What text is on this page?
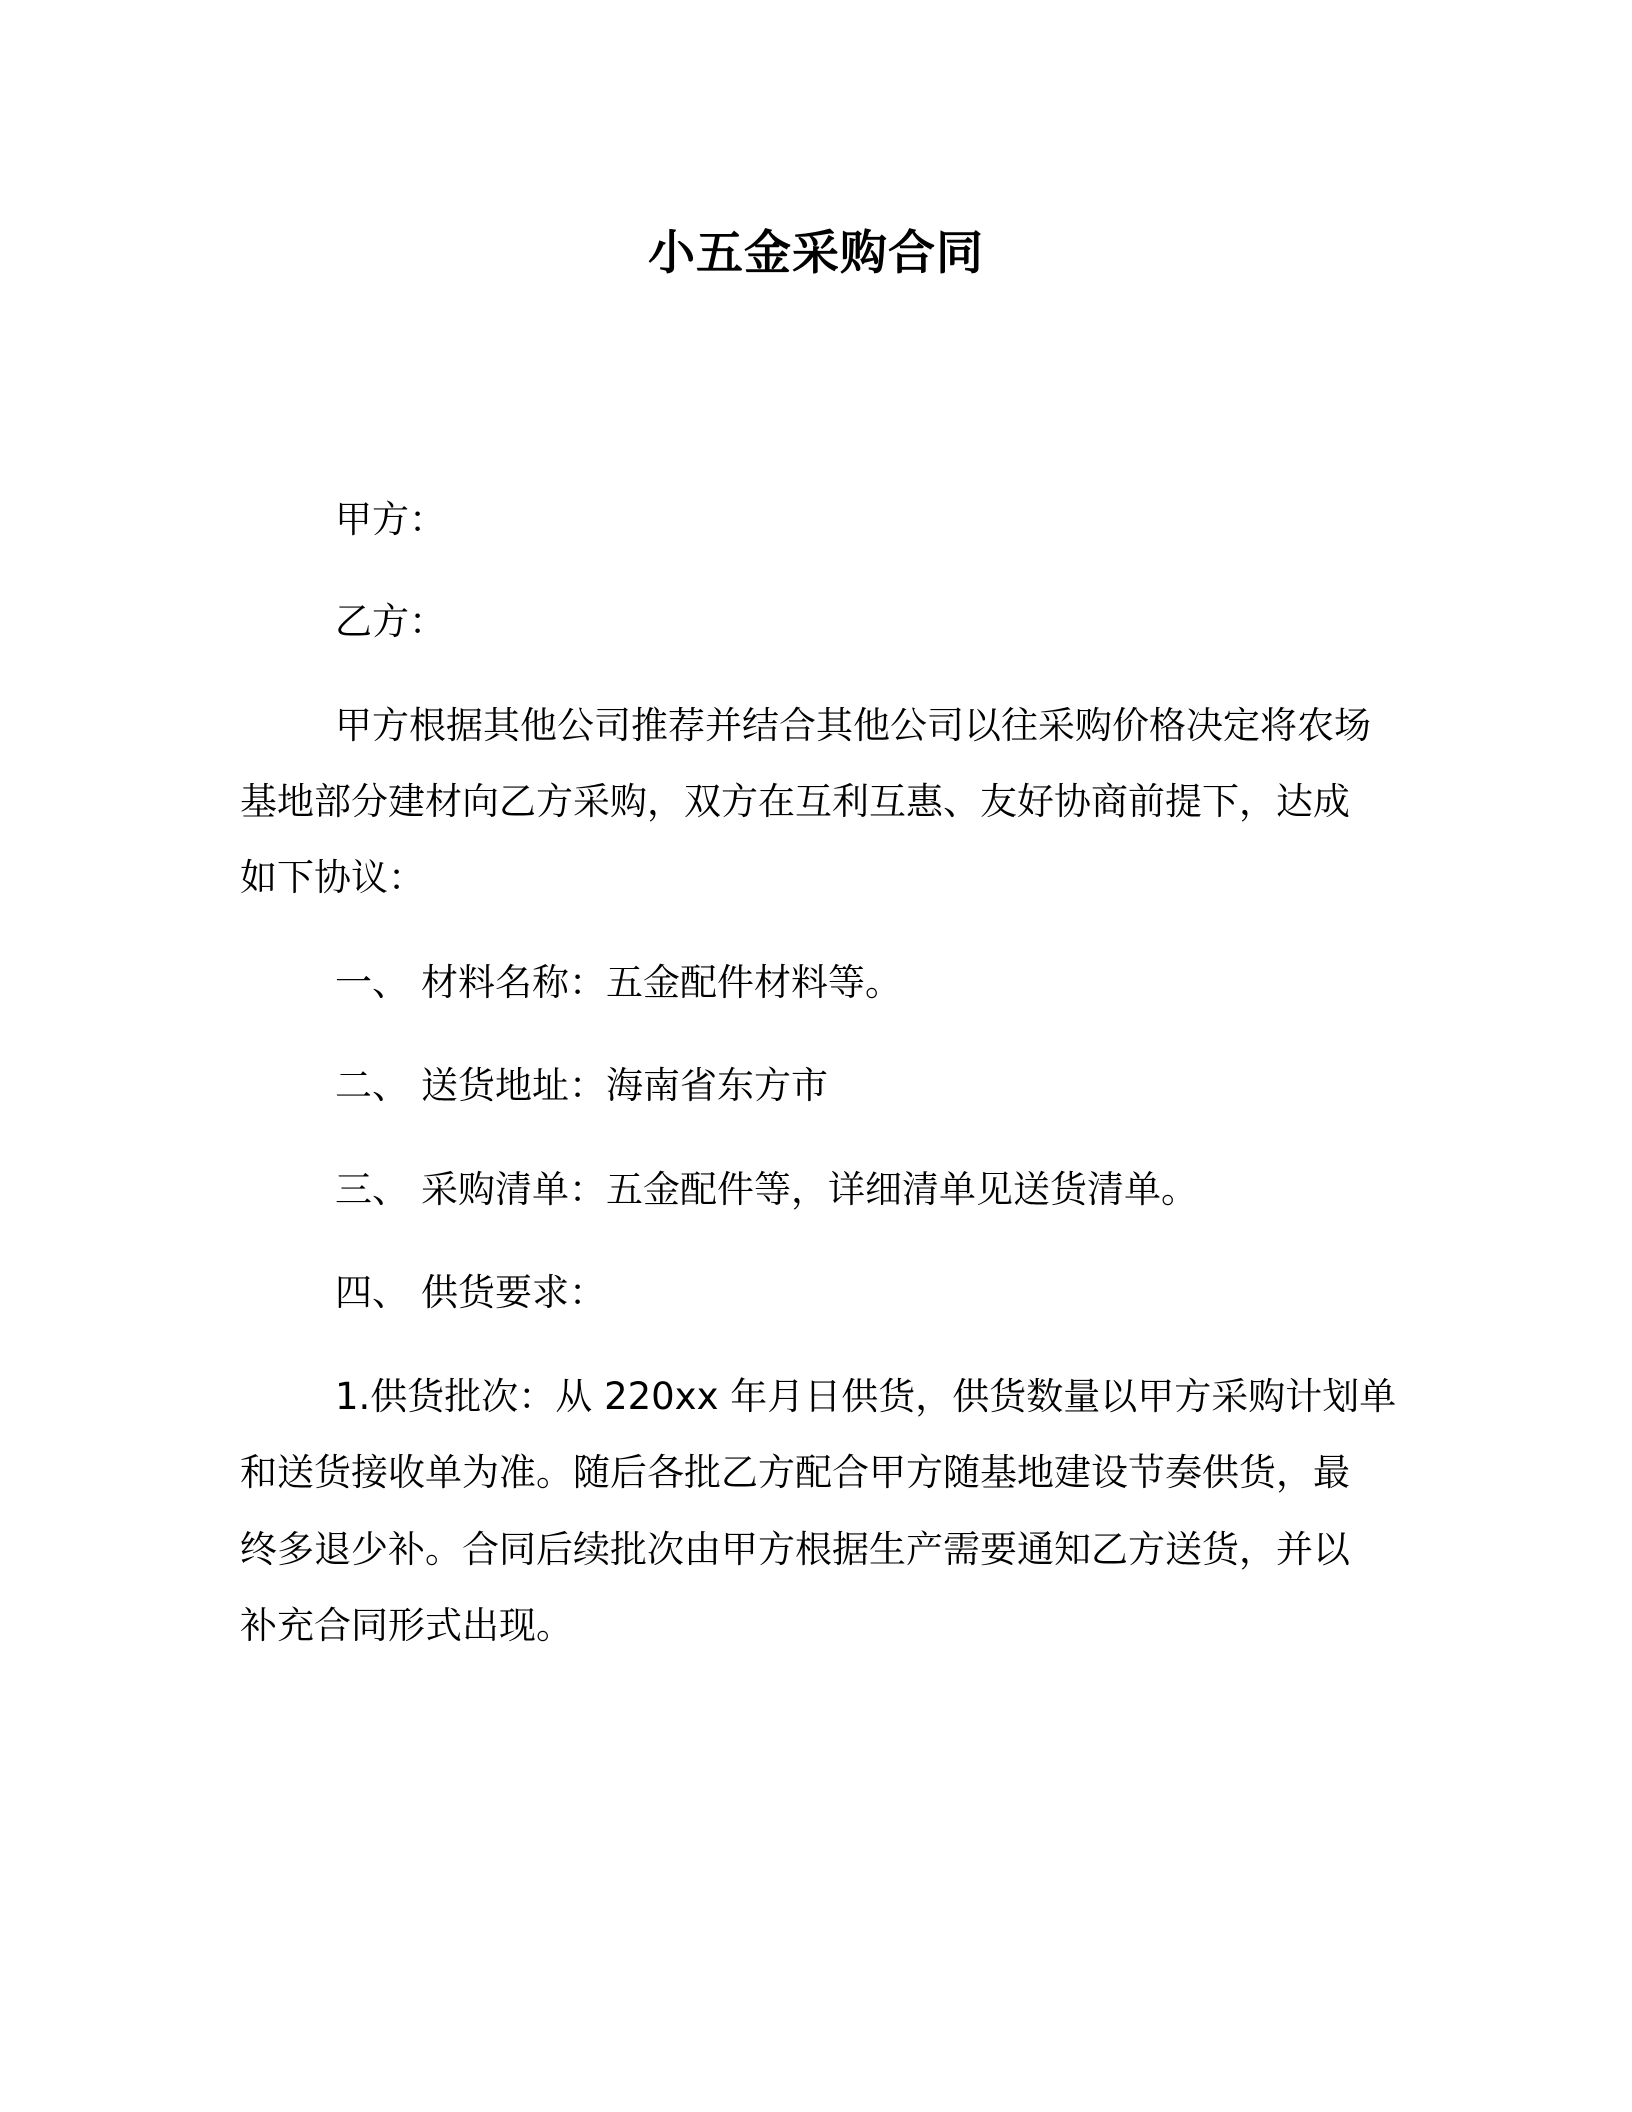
小五金采购合同
甲方：
乙方：
甲方根据其他公司推荐并结合其他公司以往采购价格决定将农场
基地部分建材向乙方采购，双方在互利互惠、友好协商前提下，达成
如下协议：
一、 材料名称：五金配件材料等。
二、 送货地址：海南省东方市
三、 采购清单：五金配件等，详细清单见送货清单。
四、 供货要求：
1.供货批次：从 220xx 年月日供货，供货数量以甲方采购计划单
和送货接收单为准。随后各批乙方配合甲方随基地建设节奏供货，最
终多退少补。合同后续批次由甲方根据生产需要通知乙方送货，并以
补充合同形式出现。
